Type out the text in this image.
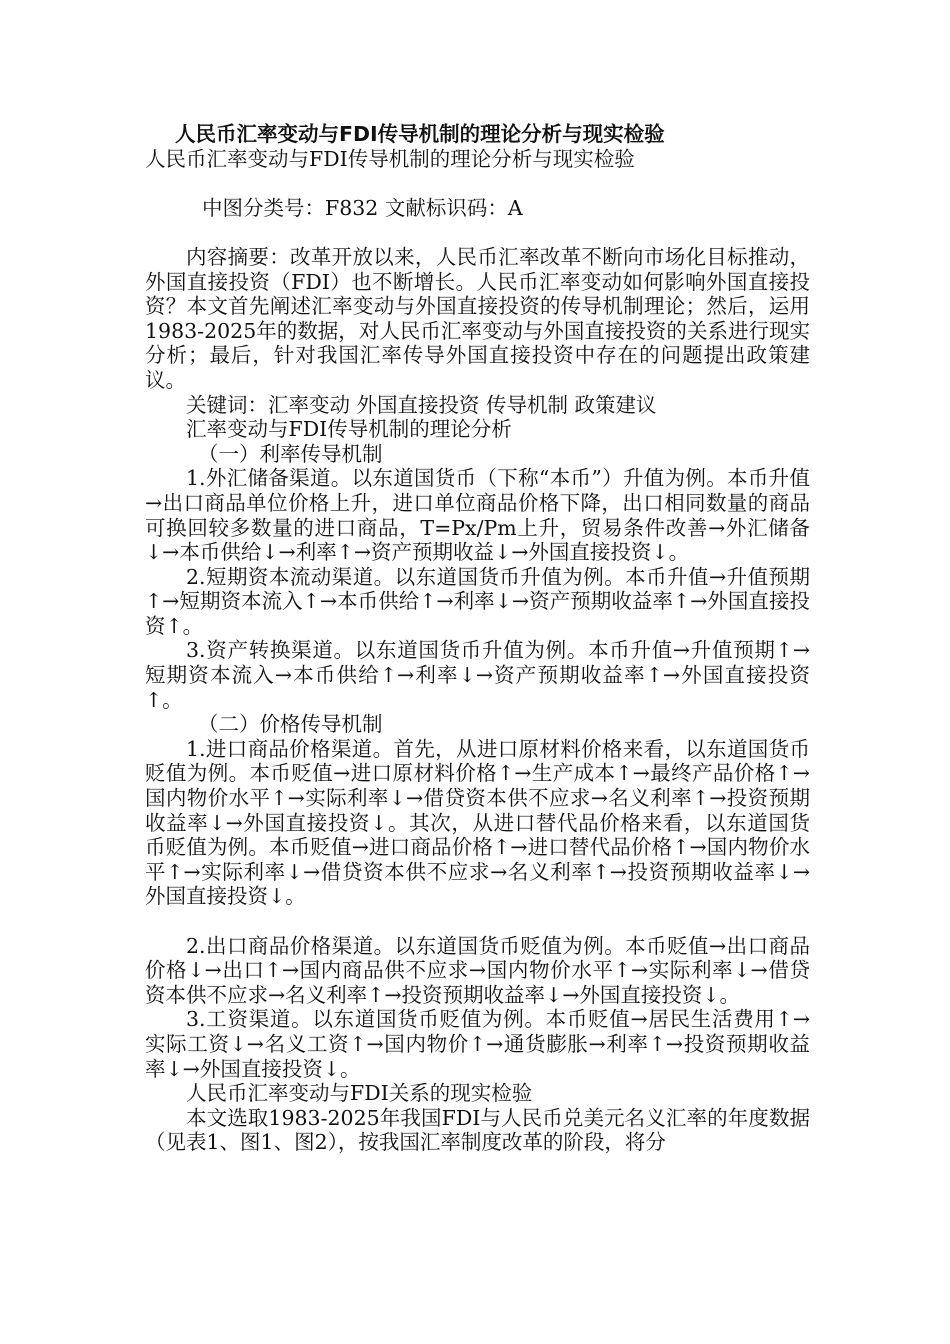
人民币汇率变动与FDI传导机制的理论分析与现实检验

人民币汇率变动与FDI传导机制的理论分析与现实检验

中图分类号：F832 文献标识码：A

内容摘要：改革开放以来，人民币汇率改革不断向市场化目标推动，外国直接投资（FDI）也不断增长。人民币汇率变动如何影响外国直接投资？本文首先阐述汇率变动与外国直接投资的传导机制理论；然后，运用1983-2025年的数据，对人民币汇率变动与外国直接投资的关系进行现实分析；最后，针对我国汇率传导外国直接投资中存在的问题提出政策建议。

关键词：汇率变动 外国直接投资 传导机制 政策建议

汇率变动与FDI传导机制的理论分析

（一）利率传导机制

1.外汇储备渠道。以东道国货币（下称“本币”）升值为例。本币升值→出口商品单位价格上升，进口单位商品价格下降，出口相同数量的商品可换回较多数量的进口商品，T=Px/Pm上升，贸易条件改善→外汇储备↓→本币供给↓→利率↑→资产预期收益↓→外国直接投资↓。

2.短期资本流动渠道。以东道国货币升值为例。本币升值→升值预期↑→短期资本流入↑→本币供给↑→利率↓→资产预期收益率↑→外国直接投资↑。

3.资产转换渠道。以东道国货币升值为例。本币升值→升值预期↑→短期资本流入→本币供给↑→利率↓→资产预期收益率↑→外国直接投资↑。

（二）价格传导机制

1.进口商品价格渠道。首先，从进口原材料价格来看，以东道国货币贬值为例。本币贬值→进口原材料价格↑→生产成本↑→最终产品价格↑→国内物价水平↑→实际利率↓→借贷资本供不应求→名义利率↑→投资预期收益率↓→外国直接投资↓。其次，从进口替代品价格来看，以东道国货币贬值为例。本币贬值→进口商品价格↑→进口替代品价格↑→国内物价水平↑→实际利率↓→借贷资本供不应求→名义利率↑→投资预期收益率↓→外国直接投资↓。

2.出口商品价格渠道。以东道国货币贬值为例。本币贬值→出口商品价格↓→出口↑→国内商品供不应求→国内物价水平↑→实际利率↓→借贷资本供不应求→名义利率↑→投资预期收益率↓→外国直接投资↓。

3.工资渠道。以东道国货币贬值为例。本币贬值→居民生活费用↑→实际工资↓→名义工资↑→国内物价↑→通货膨胀→利率↑→投资预期收益率↓→外国直接投资↓。

人民币汇率变动与FDI关系的现实检验

本文选取1983-2025年我国FDI与人民币兑美元名义汇率的年度数据（见表1、图1、图2），按我国汇率制度改革的阶段，将分
